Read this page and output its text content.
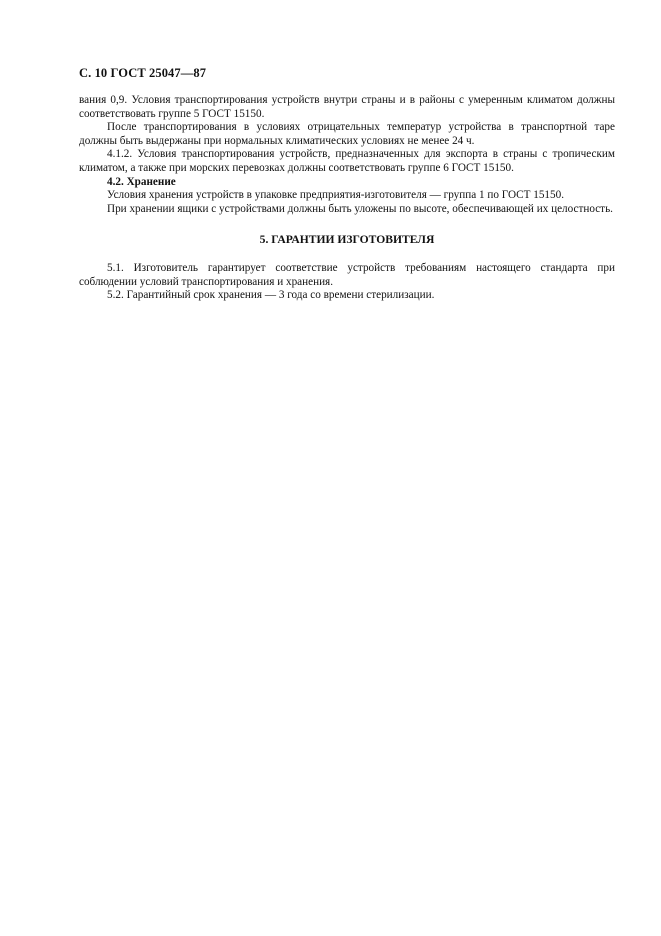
С. 10 ГОСТ 25047—87

вания 0,9. Условия транспортирования устройств внутри страны и в районы с умеренным климатом должны соответствовать группе 5 ГОСТ 15150.

После транспортирования в условиях отрицательных температур устройства в транспортной таре должны быть выдержаны при нормальных климатических условиях не менее 24 ч.

4.1.2. Условия транспортирования устройств, предназначенных для экспорта в страны с тропическим климатом, а также при морских перевозках должны соответствовать группе 6 ГОСТ 15150.

4.2. Хранение

Условия хранения устройств в упаковке предприятия-изготовителя — группа 1 по ГОСТ 15150.

При хранении ящики с устройствами должны быть уложены по высоте, обеспечивающей их целостность.

5. ГАРАНТИИ ИЗГОТОВИТЕЛЯ

5.1. Изготовитель гарантирует соответствие устройств требованиям настоящего стандарта при соблюдении условий транспортирования и хранения.

5.2. Гарантийный срок хранения — 3 года со времени стерилизации.
